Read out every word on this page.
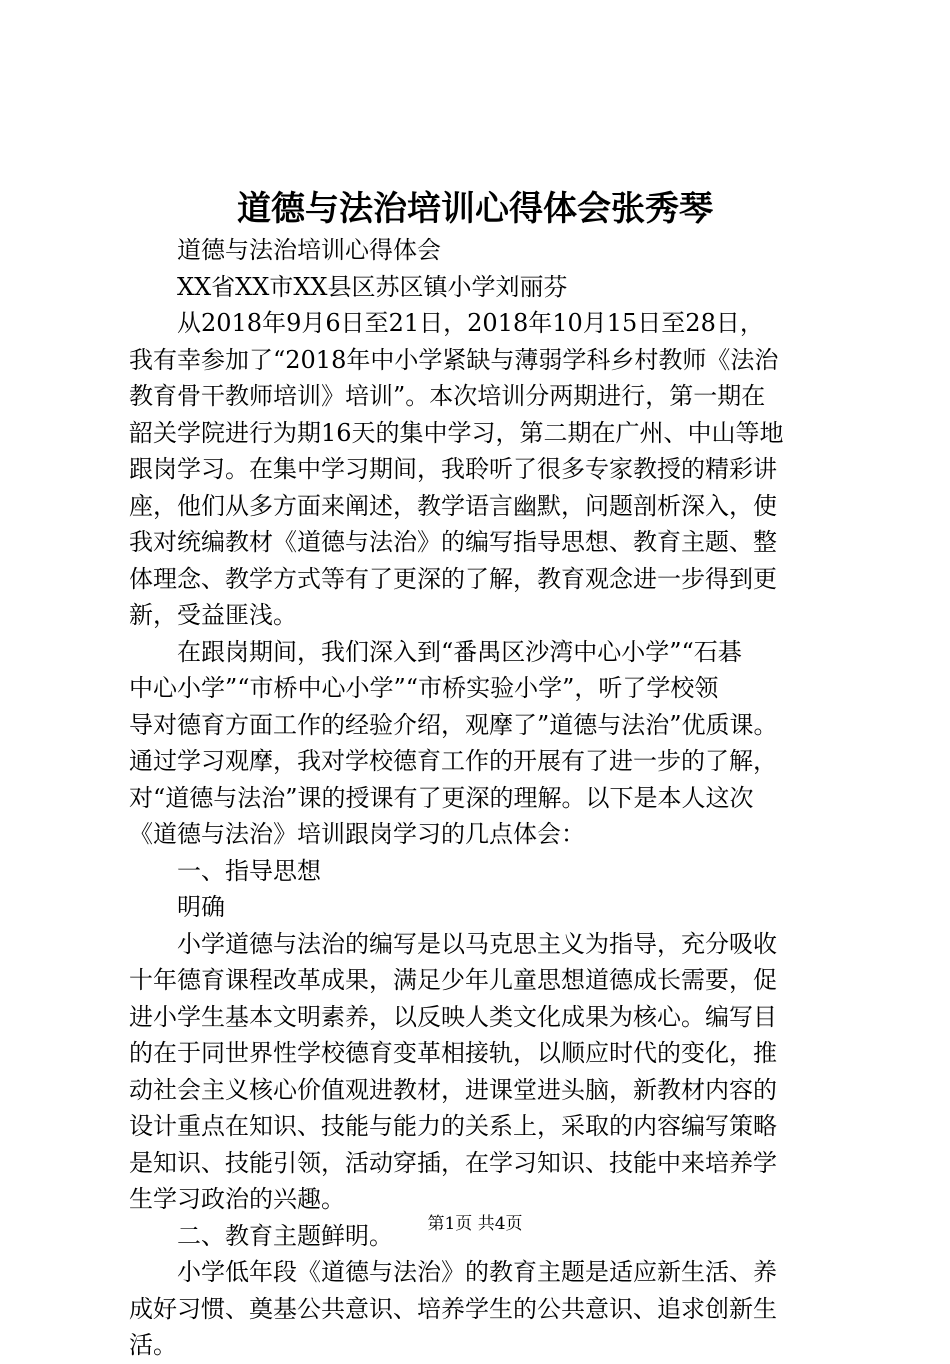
道德与法治培训心得体会张秀琴

道德与法治培训心得体会

XX省XX市XX县区苏区镇小学刘丽芬

从2018年9月6日至21日，2018年10月15日至28日，

我有幸参加了“2018年中小学紧缺与薄弱学科乡村教师《法治

教育骨干教师培训》培训”。本次培训分两期进行，第一期在

韶关学院进行为期16天的集中学习，第二期在广州、中山等地

跟岗学习。在集中学习期间，我聆听了很多专家教授的精彩讲

座，他们从多方面来阐述，教学语言幽默，问题剖析深入，使

我对统编教材《道德与法治》的编写指导思想、教育主题、整

体理念、教学方式等有了更深的了解，教育观念进一步得到更

新，受益匪浅。

在跟岗期间，我们深入到“番禺区沙湾中心小学”“石碁

中心小学”“市桥中心小学”“市桥实验小学”，听了学校领

导对德育方面工作的经验介绍，观摩了”道德与法治”优质课。

通过学习观摩，我对学校德育工作的开展有了进一步的了解，

对“道德与法治”课的授课有了更深的理解。以下是本人这次

《道德与法治》培训跟岗学习的几点体会：

一、指导思想

明确

小学道德与法治的编写是以马克思主义为指导，充分吸收

十年德育课程改革成果，满足少年儿童思想道德成长需要，促

进小学生基本文明素养，以反映人类文化成果为核心。编写目

的在于同世界性学校德育变革相接轨，以顺应时代的变化，推

动社会主义核心价值观进教材，进课堂进头脑，新教材内容的

设计重点在知识、技能与能力的关系上，采取的内容编写策略

是知识、技能引领，活动穿插，在学习知识、技能中来培养学

生学习政治的兴趣。

二、教育主题鲜明。

小学低年段《道德与法治》的教育主题是适应新生活、养

成好习惯、奠基公共意识、培养学生的公共意识、追求创新生

活。

第1页 共4页
